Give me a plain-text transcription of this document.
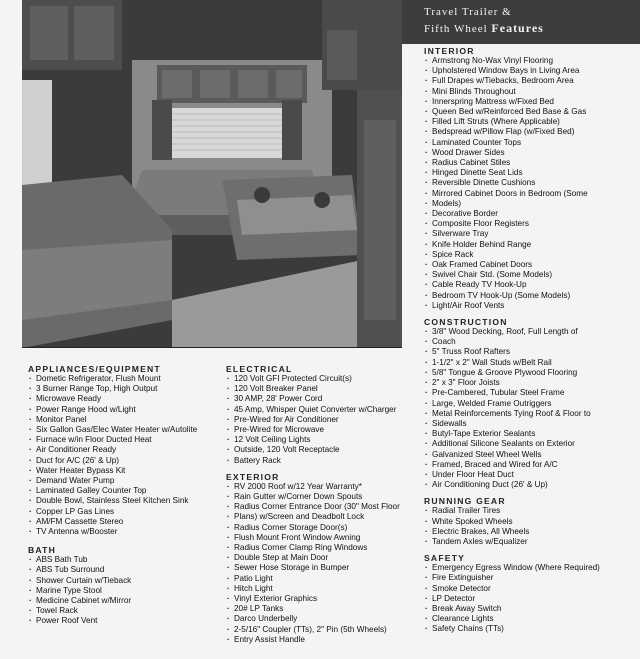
Travel Trailer &
Fifth Wheel Features
INTERIOR
· Armstrong No-Wax Vinyl Flooring
· Upholstered Window Bays in Living Area
· Full Drapes w/Tiebacks, Bedroom Area
· Mini Blinds Throughout
· Innerspring Mattress w/Fixed Bed
· Queen Bed w/Reinforced Bed Base & Gas
· Filled Lift Struts (Where Applicable)
· Bedspread w/Pillow Flap (w/Fixed Bed)
· Laminated Counter Tops
· Wood Drawer Sides
· Radius Cabinet Stiles
· Hinged Dinette Seat Lids
· Reversible Dinette Cushions
· Mirrored Cabinet Doors in Bedroom (Some
· Models)
· Decorative Border
· Composite Floor Registers
· Silverware Tray
· Knife Holder Behind Range
· Spice Rack
· Oak Framed Cabinet Doors
· Swivel Chair Std. (Some Models)
· Cable Ready TV Hook-Up
· Bedroom TV Hook-Up (Some Models)
· Light/Air Roof Vents
CONSTRUCTION
· 3/8" Wood Decking, Roof, Full Length of
· Coach
· 5" Truss Roof Rafters
· 1-1/2" x 2" Wall Studs w/Belt Rail
· 5/8" Tongue & Groove Plywood Flooring
· 2" x 3" Floor Joists
· Pre-Cambered, Tubular Steel Frame
· Large, Welded Frame Outriggers
· Metal Reinforcements Tying Roof & Floor to
· Sidewalls
· Butyl-Tape Exterior Sealants
· Additional Silicone Sealants on Exterior
· Galvanized Steel Wheel Wells
· Framed, Braced and Wired for A/C
· Under Floor Heat Duct
· Air Conditioning Duct (26' & Up)
RUNNING GEAR
· Radial Trailer Tires
· White Spoked Wheels
· Electric Brakes, All Wheels
· Tandem Axles w/Equalizer
SAFETY
· Emergency Egress Window (Where Required)
· Fire Extinguisher
· Smoke Detector
· LP Detector
· Break Away Switch
· Clearance Lights
· Safety Chains (TTs)
APPLIANCES/EQUIPMENT
· Dometic Refrigerator, Flush Mount
· 3 Burner Range Top, High Output
· Microwave Ready
· Power Range Hood w/Light
· Monitor Panel
· Six Gallon Gas/Elec Water Heater w/Autolite
· Furnace w/in Floor Ducted Heat
· Air Conditioner Ready
· Duct for A/C (26' & Up)
· Water Heater Bypass Kit
· Demand Water Pump
· Laminated Galley Counter Top
· Double Bowl, Stainless Steel Kitchen Sink
· Copper LP Gas Lines
· AM/FM Cassette Stereo
· TV Antenna w/Booster
BATH
· ABS Bath Tub
· ABS Tub Surround
· Shower Curtain w/Tieback
· Marine Type Stool
· Medicine Cabinet w/Mirror
· Towel Rack
· Power Roof Vent
ELECTRICAL
· 120 Volt GFI Protected Circuit(s)
· 120 Volt Breaker Panel
· 30 AMP, 28' Power Cord
· 45 Amp, Whisper Quiet Converter w/Charger
· Pre-Wired for Air Conditioner
· Pre-Wired for Microwave
· 12 Volt Ceiling Lights
· Outside, 120 Volt Receptacle
· Battery Rack
EXTERIOR
· RV 2000 Roof w/12 Year Warranty*
· Rain Gutter w/Corner Down Spouts
· Radius Corner Entrance Door (30" Most Floor
· Plans) w/Screen and Deadbolt Lock
· Radius Corner Storage Door(s)
· Flush Mount Front Window Awning
· Radius Corner Clamp Ring Windows
· Double Step at Main Door
· Sewer Hose Storage in Bumper
· Patio Light
· Hitch Light
· Vinyl Exterior Graphics
· 20# LP Tanks
· Darco Underbelly
· 2-5/16" Coupler (TTs), 2" Pin (5th Wheels)
· Entry Assist Handle
